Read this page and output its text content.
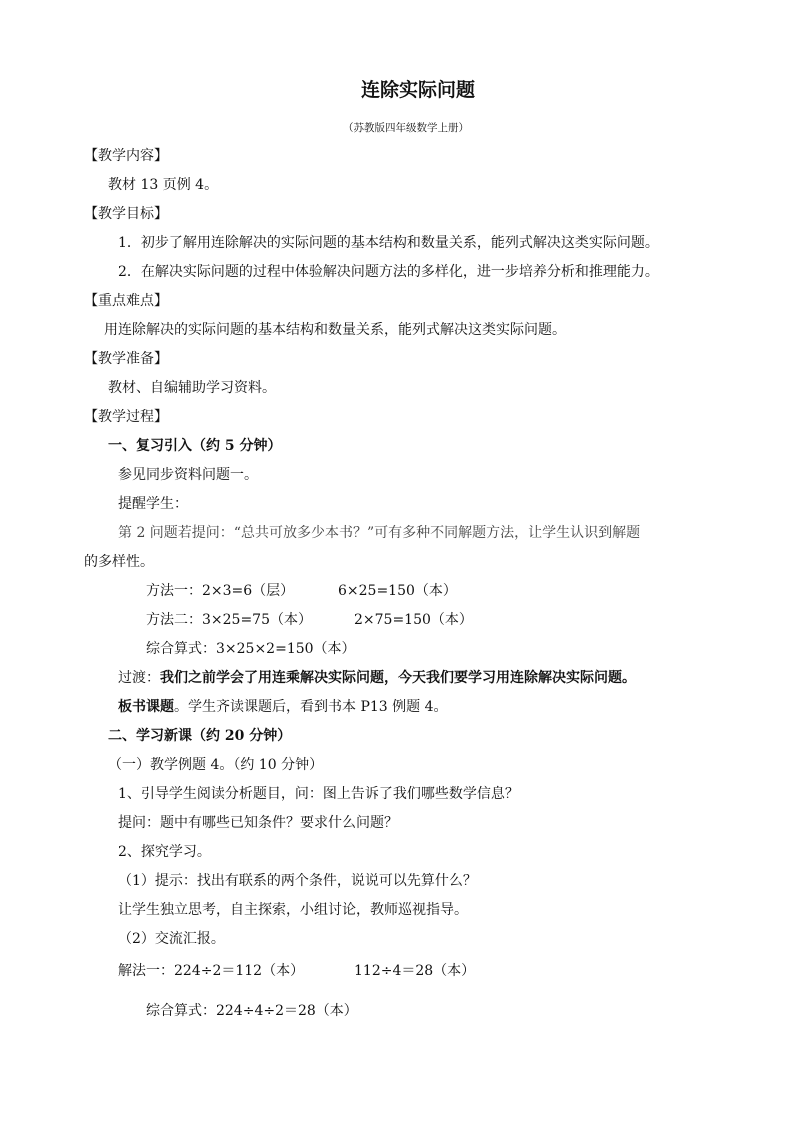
连除实际问题
（苏教版四年级数学上册）
【教学内容】
教材 13 页例 4。
【教学目标】
1．初步了解用连除解决的实际问题的基本结构和数量关系，能列式解决这类实际问题。
2．在解决实际问题的过程中体验解决问题方法的多样化，进一步培养分析和推理能力。
【重点难点】
用连除解决的实际问题的基本结构和数量关系，能列式解决这类实际问题。
【教学准备】
教材、自编辅助学习资料。
【教学过程】
一、复习引入（约 5 分钟）
参见同步资料问题一。
提醒学生：
第 2 问题若提问：“总共可放多少本书？”可有多种不同解题方法，让学生认识到解题
的多样性。
方法一：2×3=6（层）	6×25=150（本）
方法二：3×25=75（本）	2×75=150（本）
综合算式：3×25×2=150（本）
过渡：我们之前学会了用连乘解决实际问题，今天我们要学习用连除解决实际问题。
板书课题。学生齐读课题后，看到书本 P13 例题 4。
二、学习新课（约 20 分钟）
（一）教学例题 4。（约 10 分钟）
1、引导学生阅读分析题目，问：图上告诉了我们哪些数学信息？
提问：题中有哪些已知条件？要求什么问题？
2、探究学习。
（1）提示：找出有联系的两个条件，说说可以先算什么？
让学生独立思考，自主探索，小组讨论，教师巡视指导。
（2）交流汇报。
解法一：224÷2＝112（本）	112÷4＝28（本）
综合算式：224÷4÷2＝28（本）
